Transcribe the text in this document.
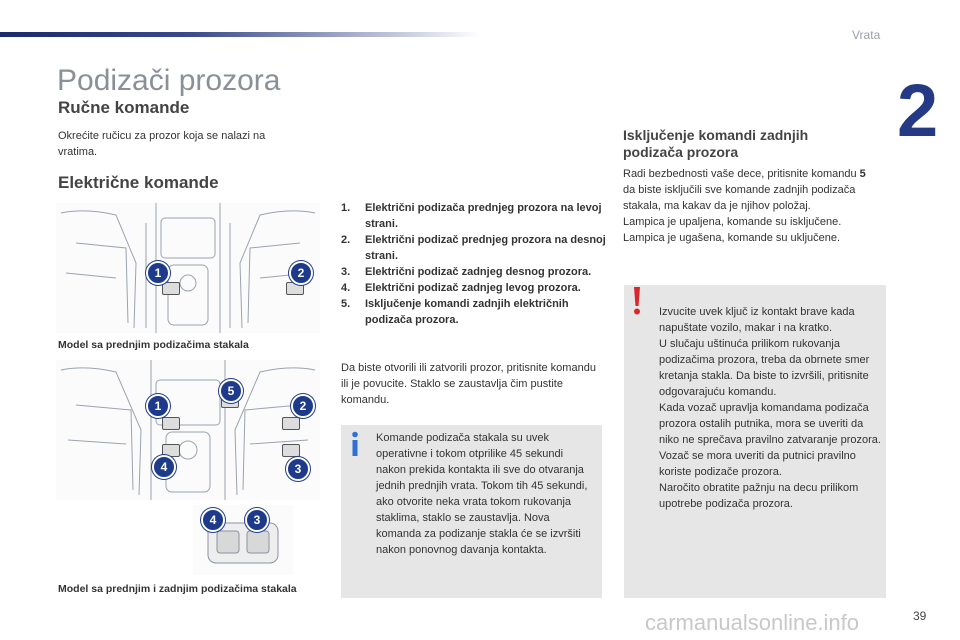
Vrata
2
Podizači prozora
Ručne komande
Okrećite ručicu za prozor koja se nalazi na vratima.
Električne komande
1	2
Model sa prednjim podizačima stakala
5
1	2
4	3
4	3
Model sa prednjim i zadnjim podizačima stakala
1.	Električni podizača prednjeg prozora na levoj strani.
2.	Električni podizač prednjeg prozora na desnoj strani.
3.	Električni podizač zadnjeg desnog prozora.
4.	Električni podizač zadnjeg levog prozora.
5.	Isključenje komandi zadnjih električnih podizača prozora.
Da biste otvorili ili zatvorili prozor, pritisnite komandu ili je povucite. Staklo se zaustavlja čim pustite komandu.
Komande podizača stakala su uvek operativne i tokom otprilike 45 sekundi nakon prekida kontakta ili sve do otvaranja jednih prednjih vrata. Tokom tih 45 sekundi, ako otvorite neka vrata tokom rukovanja staklima, staklo se zaustavlja. Nova komanda za podizanje stakla će se izvršiti nakon ponovnog davanja kontakta.
Isključenje komandi zadnjih podizača prozora
Radi bezbednosti vaše dece, pritisnite komandu 5 da biste isključili sve komande zadnjih podizača stakala, ma kakav da je njihov položaj.
Lampica je upaljena, komande su isključene.
Lampica je ugašena, komande su uključene.
Izvucite uvek ključ iz kontakt brave kada napuštate vozilo, makar i na kratko.
U slučaju uštinuća prilikom rukovanja podizačima prozora, treba da obrnete smer kretanja stakla. Da biste to izvršili, pritisnite odgovarajuću komandu.
Kada vozač upravlja komandama podizača prozora ostalih putnika, mora se uveriti da niko ne sprečava pravilno zatvaranje prozora.
Vozač se mora uveriti da putnici pravilno koriste podizače prozora.
Naročito obratite pažnju na decu prilikom upotrebe podizača prozora.
carmanualsonline.info	39
